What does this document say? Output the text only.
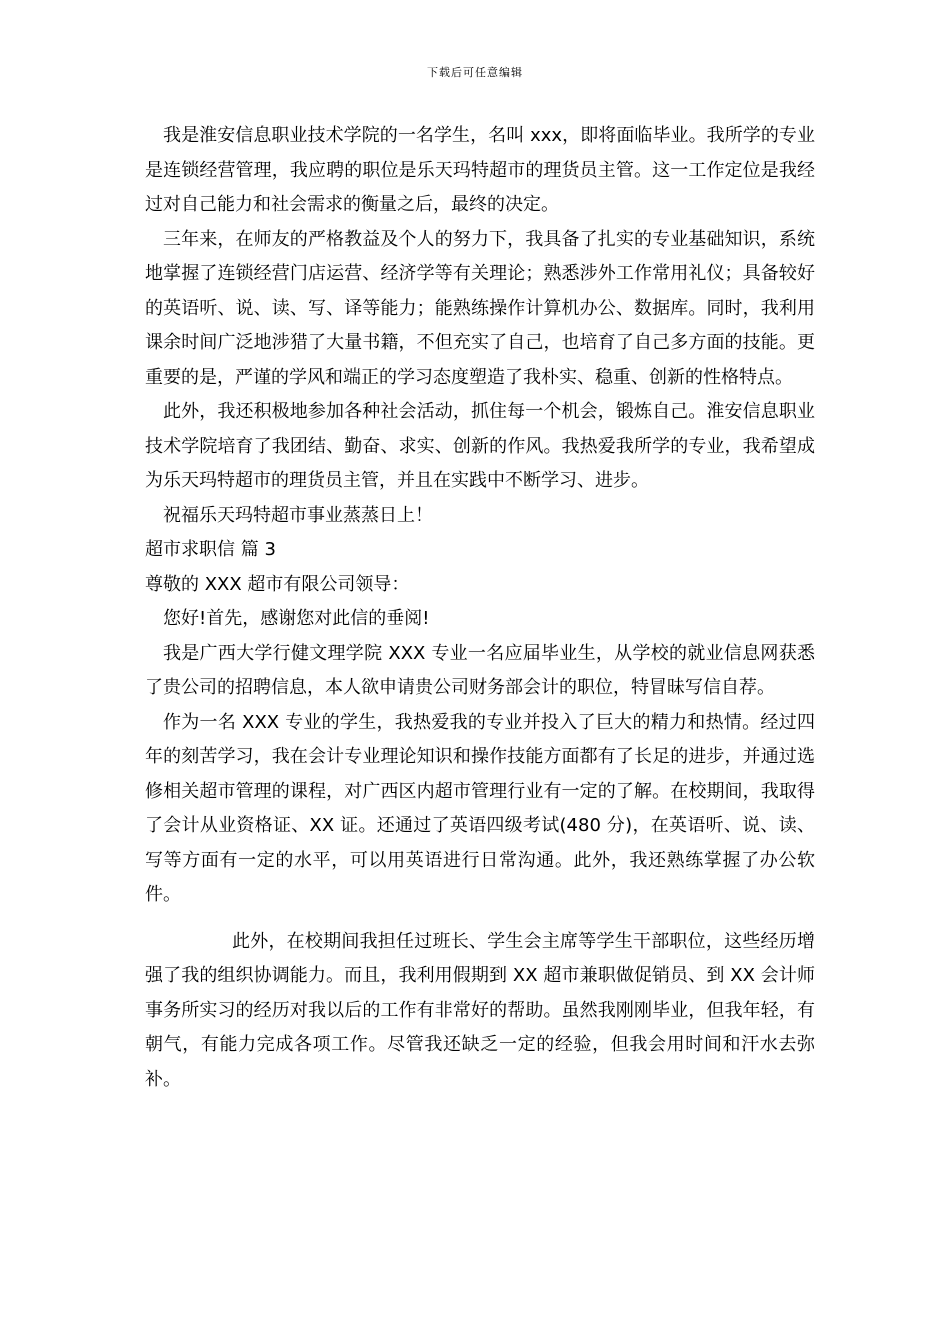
下载后可任意编辑

我是淮安信息职业技术学院的一名学生，名叫 xxx，即将面临毕业。我所学的专业是连锁经营管理，我应聘的职位是乐天玛特超市的理货员主管。这一工作定位是我经过对自己能力和社会需求的衡量之后，最终的决定。

三年来，在师友的严格教益及个人的努力下，我具备了扎实的专业基础知识，系统地掌握了连锁经营门店运营、经济学等有关理论；熟悉涉外工作常用礼仪；具备较好的英语听、说、读、写、译等能力；能熟练操作计算机办公、数据库。同时，我利用课余时间广泛地涉猎了大量书籍，不但充实了自己，也培育了自己多方面的技能。更重要的是，严谨的学风和端正的学习态度塑造了我朴实、稳重、创新的性格特点。

此外，我还积极地参加各种社会活动，抓住每一个机会，锻炼自己。淮安信息职业技术学院培育了我团结、勤奋、求实、创新的作风。我热爱我所学的专业，我希望成为乐天玛特超市的理货员主管，并且在实践中不断学习、进步。

祝福乐天玛特超市事业蒸蒸日上！

超市求职信 篇 3

尊敬的 XXX 超市有限公司领导：

您好!首先，感谢您对此信的垂阅!

我是广西大学行健文理学院 XXX 专业一名应届毕业生，从学校的就业信息网获悉了贵公司的招聘信息，本人欲申请贵公司财务部会计的职位，特冒昧写信自荐。

作为一名 XXX 专业的学生，我热爱我的专业并投入了巨大的精力和热情。经过四年的刻苦学习，我在会计专业理论知识和操作技能方面都有了长足的进步，并通过选修相关超市管理的课程，对广西区内超市管理行业有一定的了解。在校期间，我取得了会计从业资格证、XX 证。还通过了英语四级考试(480 分)，在英语听、说、读、写等方面有一定的水平，可以用英语进行日常沟通。此外，我还熟练掌握了办公软件。

此外，在校期间我担任过班长、学生会主席等学生干部职位，这些经历增强了我的组织协调能力。而且，我利用假期到 XX 超市兼职做促销员、到 XX 会计师事务所实习的经历对我以后的工作有非常好的帮助。虽然我刚刚毕业，但我年轻，有朝气，有能力完成各项工作。尽管我还缺乏一定的经验，但我会用时间和汗水去弥补。
